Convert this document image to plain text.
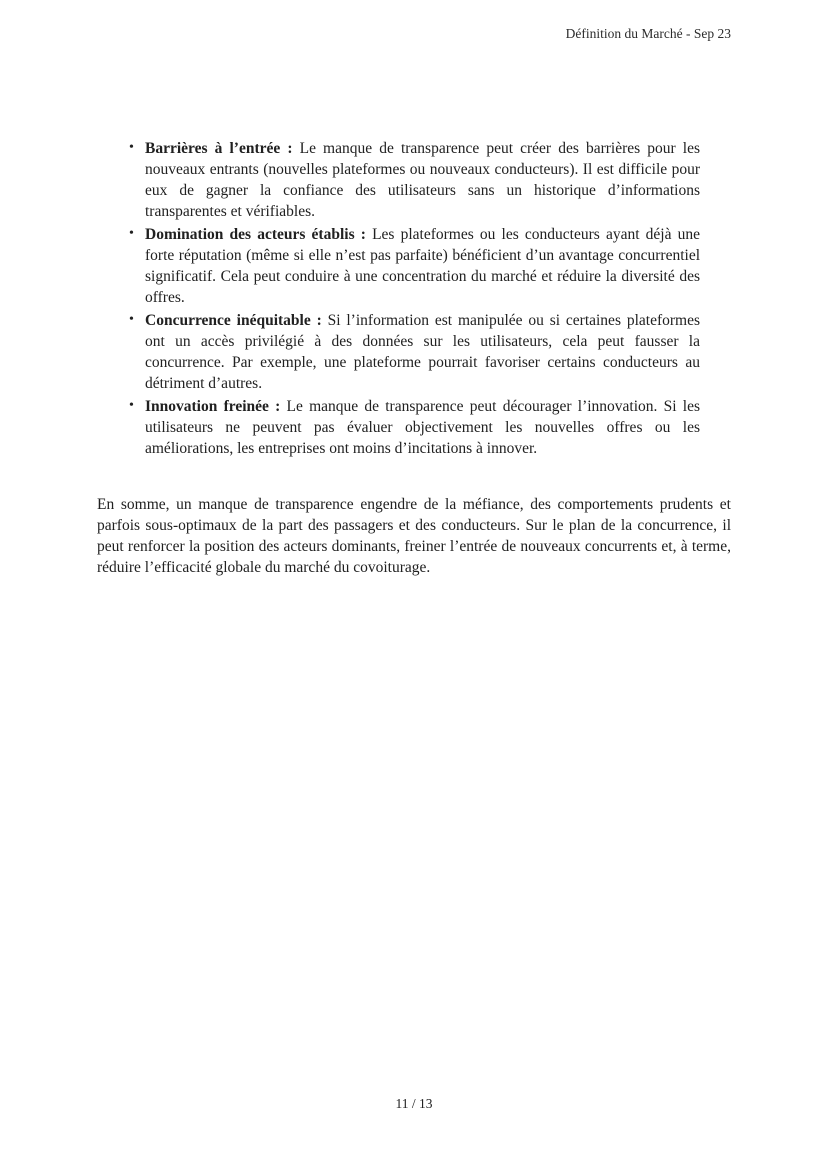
Définition du Marché - Sep 23
• Barrières à l’entrée : Le manque de transparence peut créer des barrières pour les nouveaux entrants (nouvelles plateformes ou nouveaux conducteurs). Il est difficile pour eux de gagner la confiance des utilisateurs sans un historique d’informations transparentes et vérifiables.
• Domination des acteurs établis : Les plateformes ou les conducteurs ayant déjà une forte réputation (même si elle n’est pas parfaite) bénéficient d’un avantage concurrentiel significatif. Cela peut conduire à une concentration du marché et réduire la diversité des offres.
• Concurrence inéquitable : Si l’information est manipulée ou si certaines plateformes ont un accès privilégié à des données sur les utilisateurs, cela peut fausser la concurrence. Par exemple, une plateforme pourrait favoriser certains conducteurs au détriment d’autres.
• Innovation freinée : Le manque de transparence peut décourager l’innovation. Si les utilisateurs ne peuvent pas évaluer objectivement les nouvelles offres ou les améliorations, les entreprises ont moins d’incitations à innover.

En somme, un manque de transparence engendre de la méfiance, des comportements prudents et parfois sous-optimaux de la part des passagers et des conducteurs. Sur le plan de la concurrence, il peut renforcer la position des acteurs dominants, freiner l’entrée de nouveaux concurrents et, à terme, réduire l’efficacité globale du marché du covoiturage.

11 / 13
